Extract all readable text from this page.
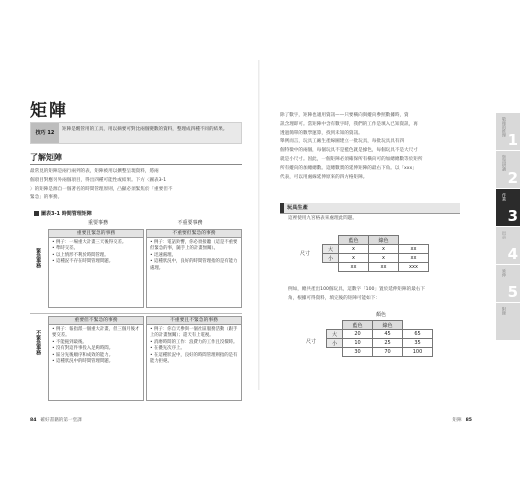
矩陣
技巧 12
矩陣是醒管用的工具，用以摘要可對比兩個變數的資料，整理成四種不同的結果。
了解矩陣
最常見的矩陣是兩行兩列的表，矩陣被用以擴整呈現資料，將兩
個項目對應另外兩個項目，得出四種可能性或結果。下方〈圖表3-1
〉的矩陣是源自一個著名的時間管理原則，凸顯必須緊焦於「重要但不
緊急」的事務。
圖表3-1 時間管理矩陣
重要事務	不重要事務
緊急事務
不緊急事務
重要且緊急的事務
• 例子：一場重大計畫三天後得交差。
• 準時交差。
• 以上情形不利於時間管理。
• 這種況不存在時間管理問題。
不重要但緊急的事務
• 例子：電話鈴響，你必須接聽（這是不重要但緊急的事，隨手上的計畫無關）。
• 迅速處理。
• 這種狀況中，良好的時間管理指的是有能力處理。
重要但不緊急的事務
• 例子：報指派一個重大計畫，但三個月後才要交差。
• 不能拖到最後。
• 沒有對這件事投入足夠時間。
• 區分先後順序和成效的能力。
• 這種狀況中的時間管理問題。
不重要且不緊急的事務
• 例子：你自天參與一個社區服務活動（跟手上的計畫無關）；還天有上電視。
• 消磨時間的工作：浪費力的工作且沒價時。
• 在優先次序上。
• 在這種狀況中，良好的時間管理則指的是有能力拒絕。
84 確好書籍的第一堂課
除了數字，矩陣也適用資訊——只要橫向與縱向參照數據時，資
訊含理即可。當矩陣中含有數字時，我們的工作是填入已知資訊，再
透過簡單的數學運算，找到未知的資訊。
舉例而言，玩具工廠生產線圖建立一批玩具，每批玩具具有四
個特徵中的兩個，每個玩具不是藍色就是綠色，每個玩具不是大尺寸
就是小尺寸。因此，一個矩陣必須確保所有橫向可的加總總數等於矩所
所有縱向的加總總數。這總數實的延伸矩陣的最右下角。以「xxx」
代表，可以用處線延伸原來的四方格矩陣。
玩具生產
這裡使用九宮格表來處理此問題。
尺寸
	藍色	綠色	
大	x	x	xx
小	x	x	xx
	xx	xx	xxx
例如，總共產出100個玩具，這數字「100」置於延伸矩陣的最右下
角，根據可得資料，填完後的矩陣可能如下：
顏色
尺寸
	藍色	綠色	
大	20	45	65
小	10	25	35
	30	70	100
矩陣 85
敬後的推理
1
資訊研讀
2
作業
3
出示
4
延伸
5
附錄
